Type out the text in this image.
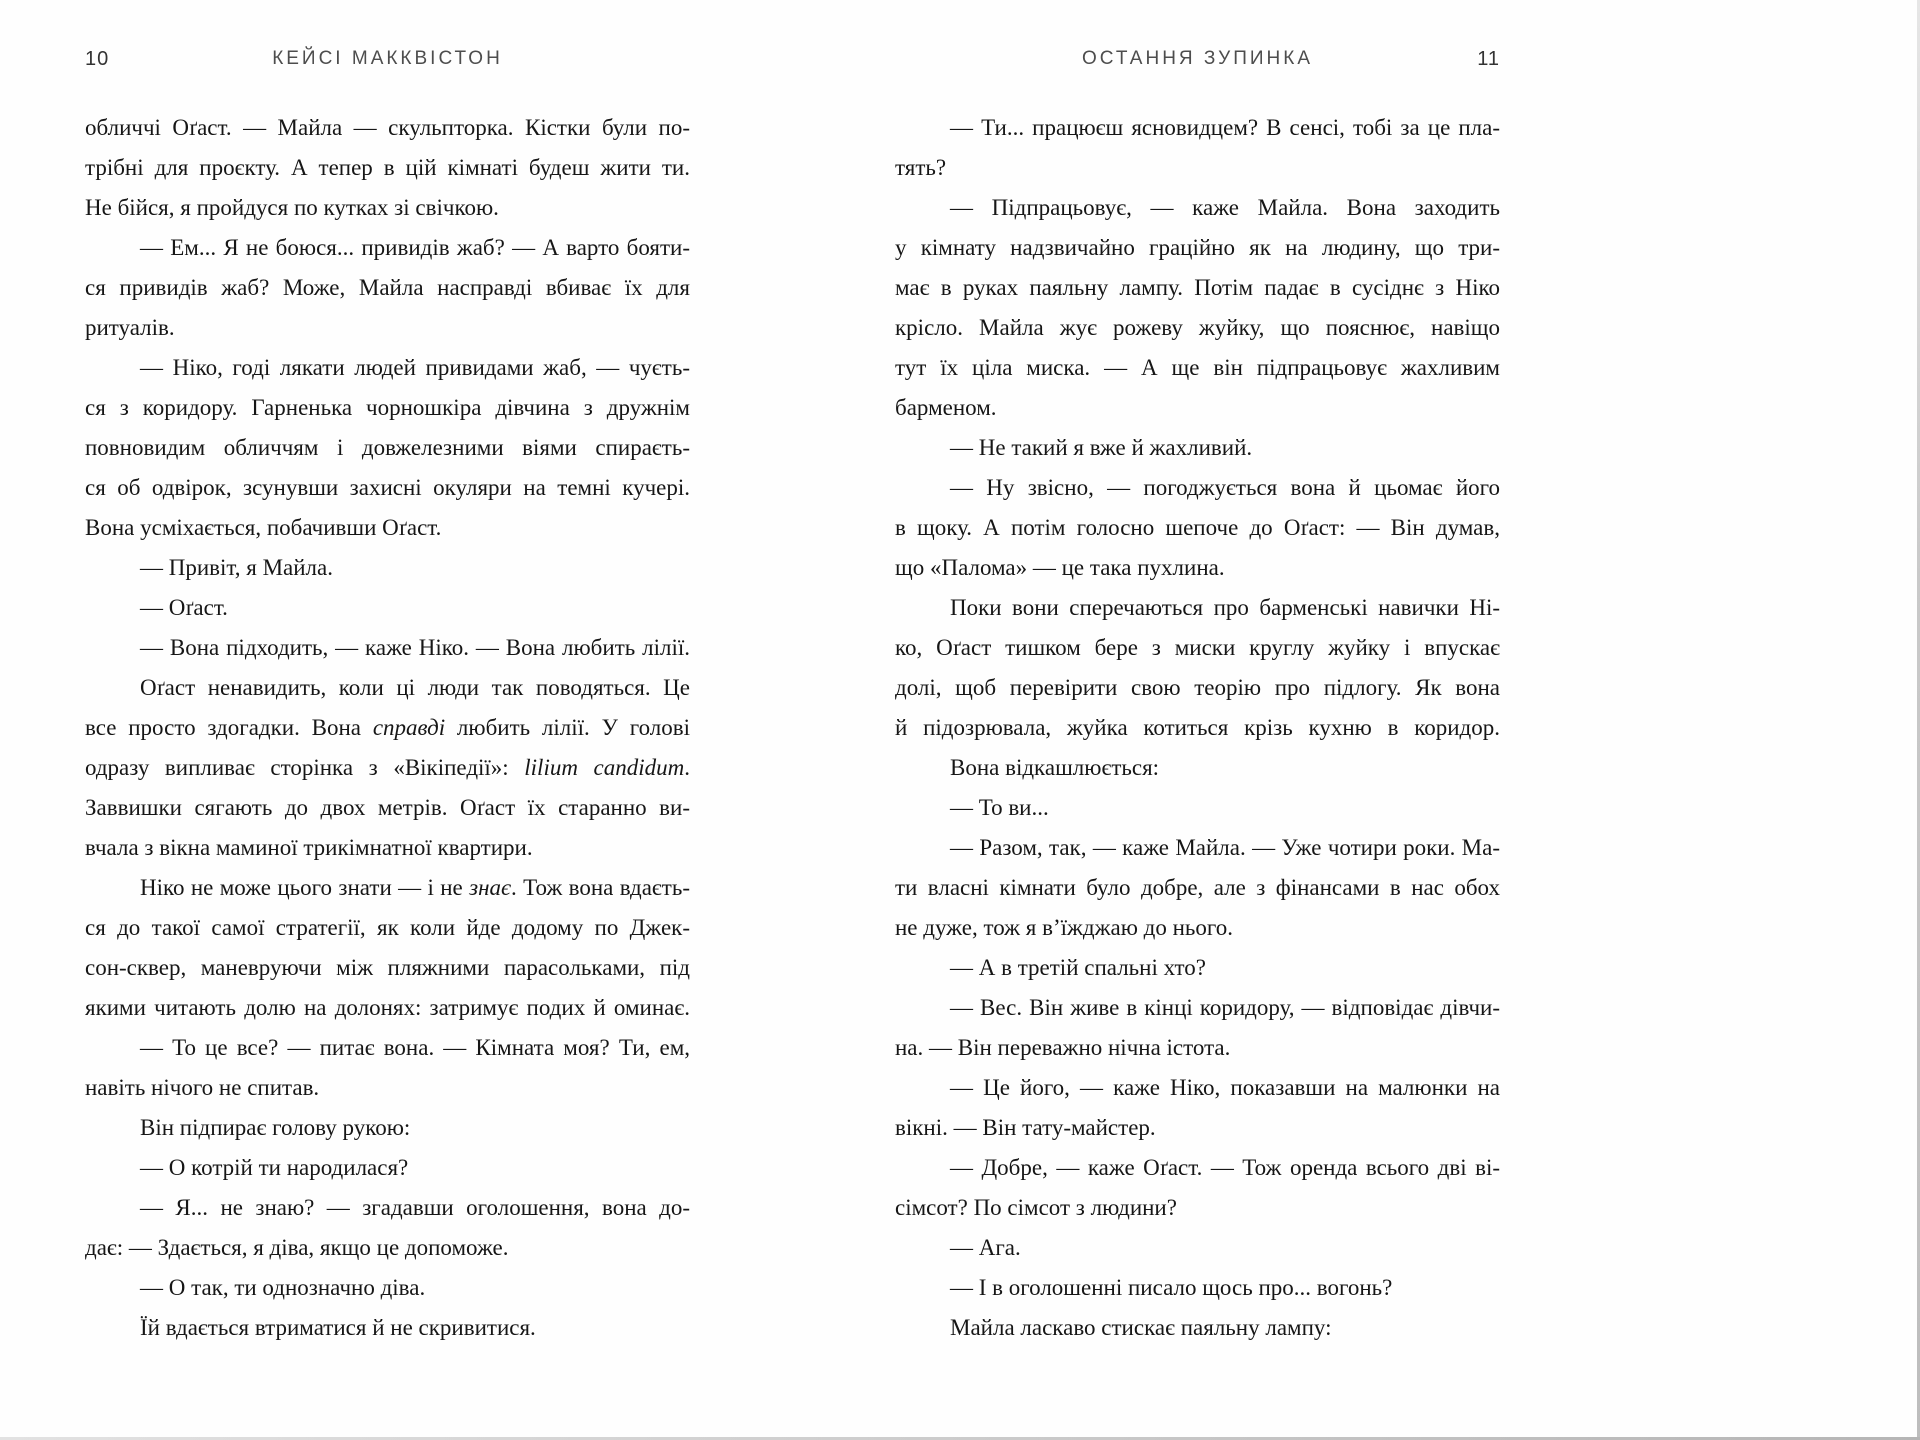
КЕЙСІ МАККВІСТОН
10
обличчі Оґаст. — Майла — скульпторка. Кістки були по-
трібні для проєкту. А тепер в цій кімнаті будеш жити ти.
Не бійся, я пройдуся по кутках зі свічкою.
— Ем... Я не боюся... привидів жаб? — А варто бояти-
ся привидів жаб? Може, Майла насправді вбиває їх для
ритуалів.
— Ніко, годі лякати людей привидами жаб, — чуєть-
ся з коридору. Гарненька чорношкіра дівчина з дружнім
повновидим обличчям і довжелезними віями спираєть-
ся об одвірок, зсунувши захисні окуляри на темні кучері.
Вона усміхається, побачивши Оґаст.
— Привіт, я Майла.
— Оґаст.
— Вона підходить, — каже Ніко. — Вона любить лілії.
Оґаст ненавидить, коли ці люди так поводяться. Це
все просто здогадки. Вона справді любить лілії. У голові
одразу випливає сторінка з «Вікіпедії»: lilium candidum.
Заввишки сягають до двох метрів. Оґаст їх старанно ви-
вчала з вікна маминої трикімнатної квартири.
Ніко не може цього знати — і не знає. Тож вона вдаєть-
ся до такої самої стратегії, як коли йде додому по Джек-
сон-сквер, маневруючи між пляжними парасольками, під
якими читають долю на долонях: затримує подих й оминає.
— То це все? — питає вона. — Кімната моя? Ти, ем,
навіть нічого не спитав.
Він підпирає голову рукою:
— О котрій ти народилася?
— Я... не знаю? — згадавши оголошення, вона до-
дає: — Здається, я діва, якщо це допоможе.
— О так, ти однозначно діва.
Їй вдається втриматися й не скривитися.
ОСТАННЯ ЗУПИНКА	11
— Ти... працюєш ясновидцем? В сенсі, тобі за це пла-
тять?
— Підпрацьовує, — каже Майла. Вона заходить
у кімнату надзвичайно граційно як на людину, що три-
має в руках паяльну лампу. Потім падає в сусіднє з Ніко
крісло. Майла жує рожеву жуйку, що пояснює, навіщо
тут їх ціла миска. — А ще він підпрацьовує жахливим
барменом.
— Не такий я вже й жахливий.
— Ну звісно, — погоджується вона й цьомає його
в щоку. А потім голосно шепоче до Оґаст: — Він думав,
що «Палома» — це така пухлина.
Поки вони сперечаються про барменські навички Ні-
ко, Оґаст тишком бере з миски круглу жуйку і впускає
долі, щоб перевірити свою теорію про підлогу. Як вона
й підозрювала, жуйка котиться крізь кухню в коридор.
Вона відкашлюється:
— То ви...
— Разом, так, — каже Майла. — Уже чотири роки. Ма-
ти власні кімнати було добре, але з фінансами в нас обох
не дуже, тож я в’їжджаю до нього.
— А в третій спальні хто?
— Вес. Він живе в кінці коридору, — відповідає дівчи-
на. — Він переважно нічна істота.
— Це його, — каже Ніко, показавши на малюнки на
вікні. — Він тату-майстер.
— Добре, — каже Оґаст. — Тож оренда всього дві ві-
сімсот? По сімсот з людини?
— Ага.
— І в оголошенні писало щось про... вогонь?
Майла ласкаво стискає паяльну лампу:
